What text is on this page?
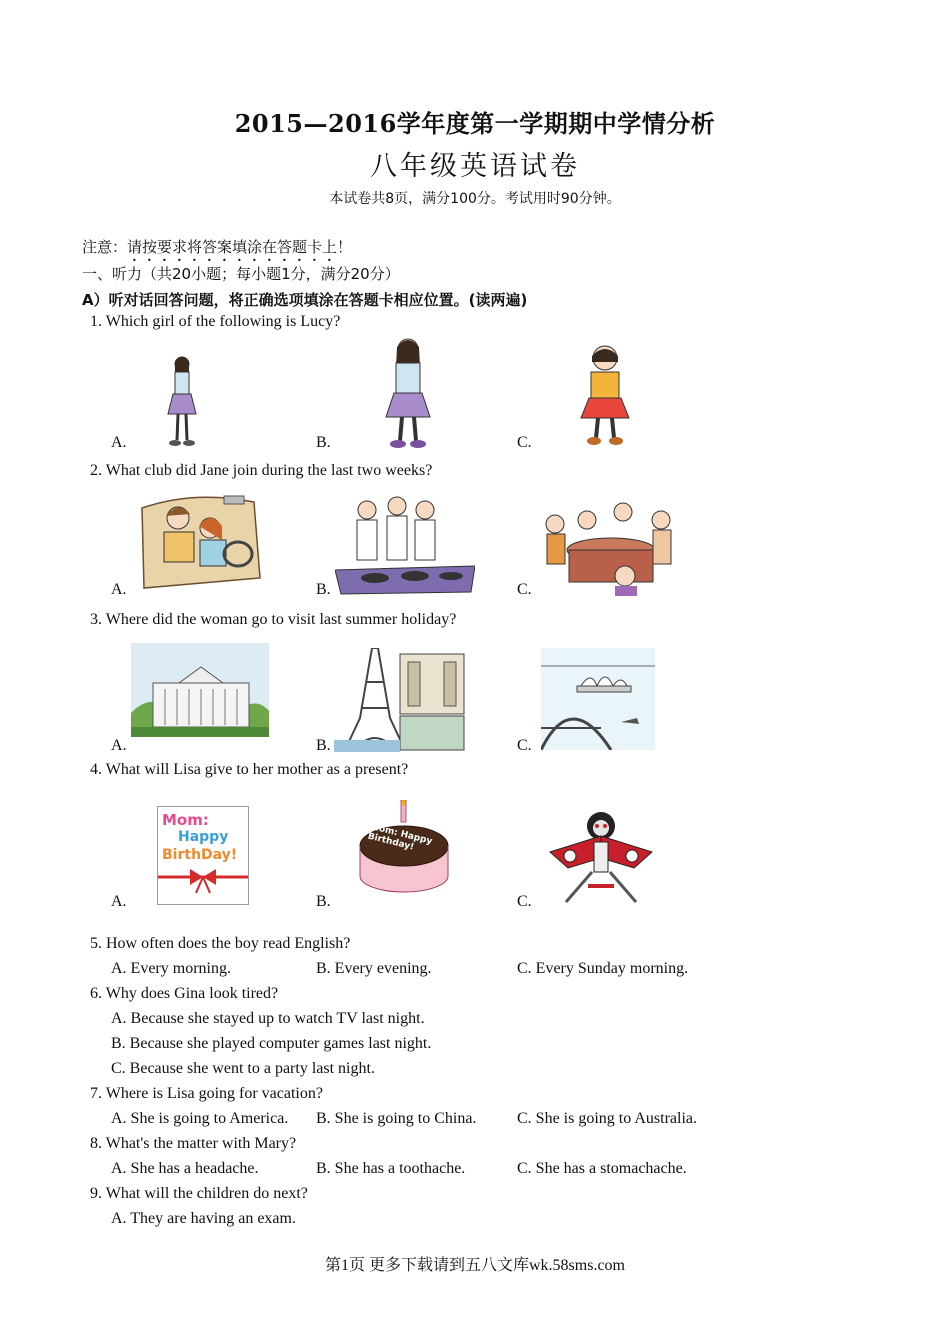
2015—2016学年度第一学期期中学情分析
八年级英语试卷
本试卷共8页，满分100分。考试用时90分钟。
注意：请按要求将答案填涂在答题卡上！
一、听力（共20小题；每小题1分，满分20分）
A）听对话回答问题，将正确选项填涂在答题卡相应位置。(读两遍)
1. Which girl of the following is Lucy?
A.	B.	C.
2. What club did Jane join during the last two weeks?
A.	B.	C.
3. Where did the woman go to visit last summer holiday?
A.	B.	C.
4. What will Lisa give to her mother as a present?
A.	B.	C.
Mom:
Happy
BirthDay!
Mom: Happy Birthday!
5. How often does the boy read English?
A. Every morning.	B. Every evening.	C. Every Sunday morning.
6. Why does Gina look tired?
A. Because she stayed up to watch TV last night.
B. Because she played computer games last night.
C. Because she went to a party last night.
7. Where is Lisa going for vacation?
A. She is going to America. B. She is going to China.	C. She is going to Australia.
8. What's the matter with Mary?
A. She has a headache.	B. She has a toothache.	C. She has a stomachache.
9. What will the children do next?
A. They are having an exam.
第1页 更多下载请到五八文库wk.58sms.com
